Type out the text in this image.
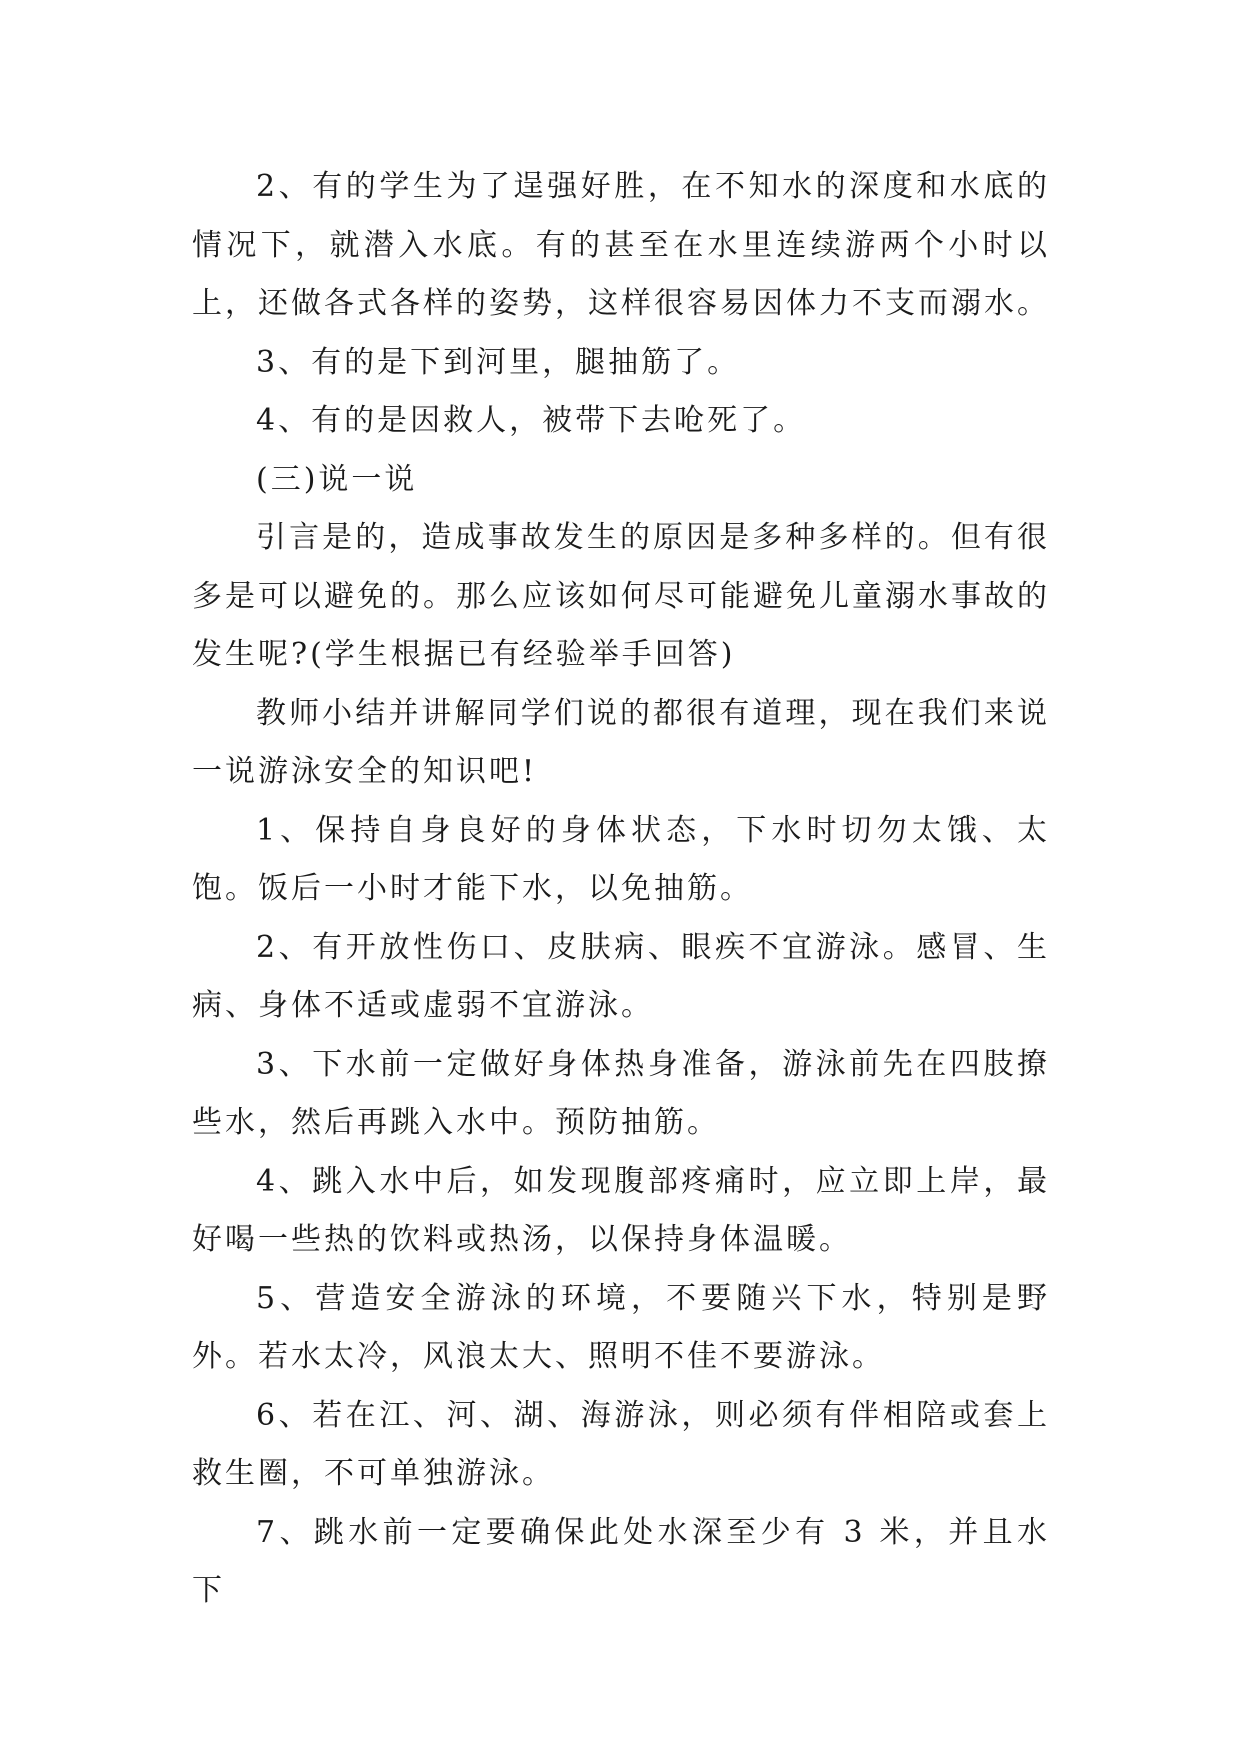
2、有的学生为了逞强好胜，在不知水的深度和水底的情况下，就潜入水底。有的甚至在水里连续游两个小时以上，还做各式各样的姿势，这样很容易因体力不支而溺水。

3、有的是下到河里，腿抽筋了。

4、有的是因救人，被带下去呛死了。

(三)说一说

引言是的，造成事故发生的原因是多种多样的。但有很多是可以避免的。那么应该如何尽可能避免儿童溺水事故的发生呢?(学生根据已有经验举手回答)

教师小结并讲解同学们说的都很有道理，现在我们来说一说游泳安全的知识吧!

1、保持自身良好的身体状态，下水时切勿太饿、太饱。饭后一小时才能下水，以免抽筋。

2、有开放性伤口、皮肤病、眼疾不宜游泳。感冒、生病、身体不适或虚弱不宜游泳。

3、下水前一定做好身体热身准备，游泳前先在四肢撩些水，然后再跳入水中。预防抽筋。

4、跳入水中后，如发现腹部疼痛时，应立即上岸，最好喝一些热的饮料或热汤，以保持身体温暖。

5、营造安全游泳的环境，不要随兴下水，特别是野外。若水太冷，风浪太大、照明不佳不要游泳。

6、若在江、河、湖、海游泳，则必须有伴相陪或套上救生圈，不可单独游泳。

7、跳水前一定要确保此处水深至少有 3 米，并且水下
